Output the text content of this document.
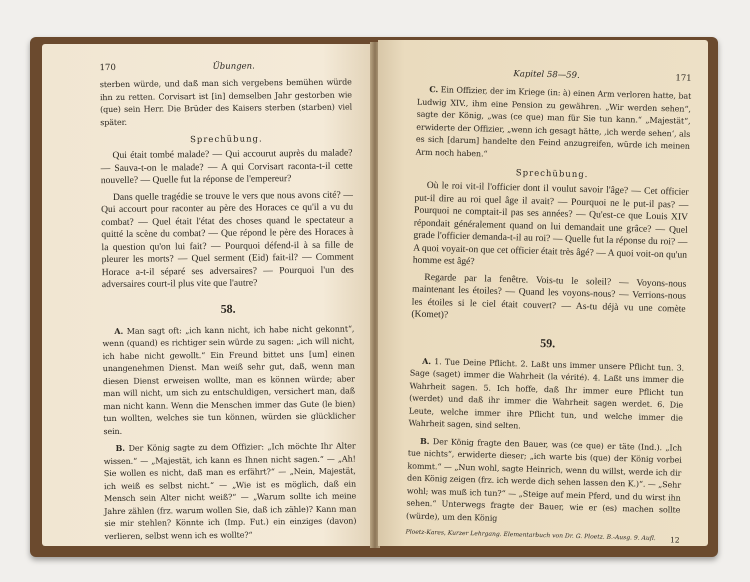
170	Übungen.

sterben würde, und daß man sich vergebens bemühen würde ihn zu retten. Corvisart ist [in] demselben Jahr gestorben wie (que) sein Herr. Die Brüder des Kaisers sterben (starben) viel später.

Sprechübung.

Qui était tombé malade? — Qui accourut auprès du malade? — Sauva-t-on le malade? — A qui Corvisart raconta-t-il cette nouvelle? — Quelle fut la réponse de l'empereur?

Dans quelle tragédie se trouve le vers que nous avons cité? — Qui accourt pour raconter au père des Horaces ce qu'il a vu du combat? — Quel était l'état des choses quand le spectateur a quitté la scène du combat? — Que répond le père des Horaces à la question qu'on lui fait? — Pourquoi défend-il à sa fille de pleurer les morts? — Quel serment (Eid) fait-il? — Comment Horace a-t-il séparé ses adversaires? — Pourquoi l'un des adversaires court-il plus vite que l'autre?

58.

A. Man sagt oft: „ich kann nicht, ich habe nicht gekonnt“, wenn (quand) es richtiger sein würde zu sagen: „ich will nicht, ich habe nicht gewollt.“ Ein Freund bittet uns [um] einen unangenehmen Dienst. Man weiß sehr gut, daß, wenn man diesen Dienst erweisen wollte, man es können würde; aber man will nicht, um sich zu entschuldigen, versichert man, daß man nicht kann. Wenn die Menschen immer das Gute (le bien) tun wollten, welches sie tun können, würden sie glücklicher sein.

B. Der König sagte zu dem Offizier: „Ich möchte Ihr Alter wissen.“ — „Majestät, ich kann es Ihnen nicht sagen.“ — „Ah! Sie wollen es nicht, daß man es erfährt?“ — „Nein, Majestät, ich weiß es selbst nicht.“ — „Wie ist es möglich, daß ein Mensch sein Alter nicht weiß?“ — „Warum sollte ich meine Jahre zählen (frz. warum wollen Sie, daß ich zähle)? Kann man sie mir stehlen? Könnte ich (Imp. Fut.) ein einziges (davon) verlieren, selbst wenn ich es wollte?“

Kapitel 58—59.	171

C. Ein Offizier, der im Kriege (in: à) einen Arm verloren hatte, bat Ludwig XIV., ihm eine Pension zu gewähren. „Wir werden sehen“, sagte der König, „was (ce que) man für Sie tun kann.“ „Majestät“, erwiderte der Offizier, „wenn ich gesagt hätte, ‚ich werde sehen‘, als es sich [darum] handelte den Feind anzugreifen, würde ich meinen Arm noch haben.“

Sprechübung.

Où le roi vit-il l'officier dont il voulut savoir l'âge? — Cet officier put-il dire au roi quel âge il avait? — Pourquoi ne le put-il pas? — Pourquoi ne comptait-il pas ses années? — Qu'est-ce que Louis XIV répondait généralement quand on lui demandait une grâce? — Quel grade l'officier demanda-t-il au roi? — Quelle fut la réponse du roi? — A quoi voyait-on que cet officier était très âgé? — A quoi voit-on qu'un homme est âgé?

Regarde par la fenêtre. Vois-tu le soleil? — Voyons-nous maintenant les étoiles? — Quand les voyons-nous? — Verrions-nous les étoiles si le ciel était couvert? — As-tu déjà vu une comète (Komet)?

59.

A. 1. Tue Deine Pflicht. 2. Laßt uns immer unsere Pflicht tun. 3. Sage (saget) immer die Wahrheit (la vérité). 4. Laßt uns immer die Wahrheit sagen. 5. Ich hoffe, daß Ihr immer eure Pflicht tun (werdet) und daß ihr immer die Wahrheit sagen werdet. 6. Die Leute, welche immer ihre Pflicht tun, und welche immer die Wahrheit sagen, sind selten.

B. Der König fragte den Bauer, was (ce que) er täte (Ind.). „Ich tue nichts“, erwiderte dieser; „ich warte bis (que) der König vorbei kommt.“ — „Nun wohl, sagte Heinrich, wenn du willst, werde ich dir den König zeigen (frz. ich werde dich sehen lassen den K.)“. — „Sehr wohl; was muß ich tun?“ — „Steige auf mein Pferd, und du wirst ihn sehen.“ Unterwegs fragte der Bauer, wie er (es) machen sollte (würde), um den König

Ploetz-Kares, Kurzer Lehrgang. Elementarbuch von Dr. G. Ploetz. B.-Ausg. 9. Aufl. 12
